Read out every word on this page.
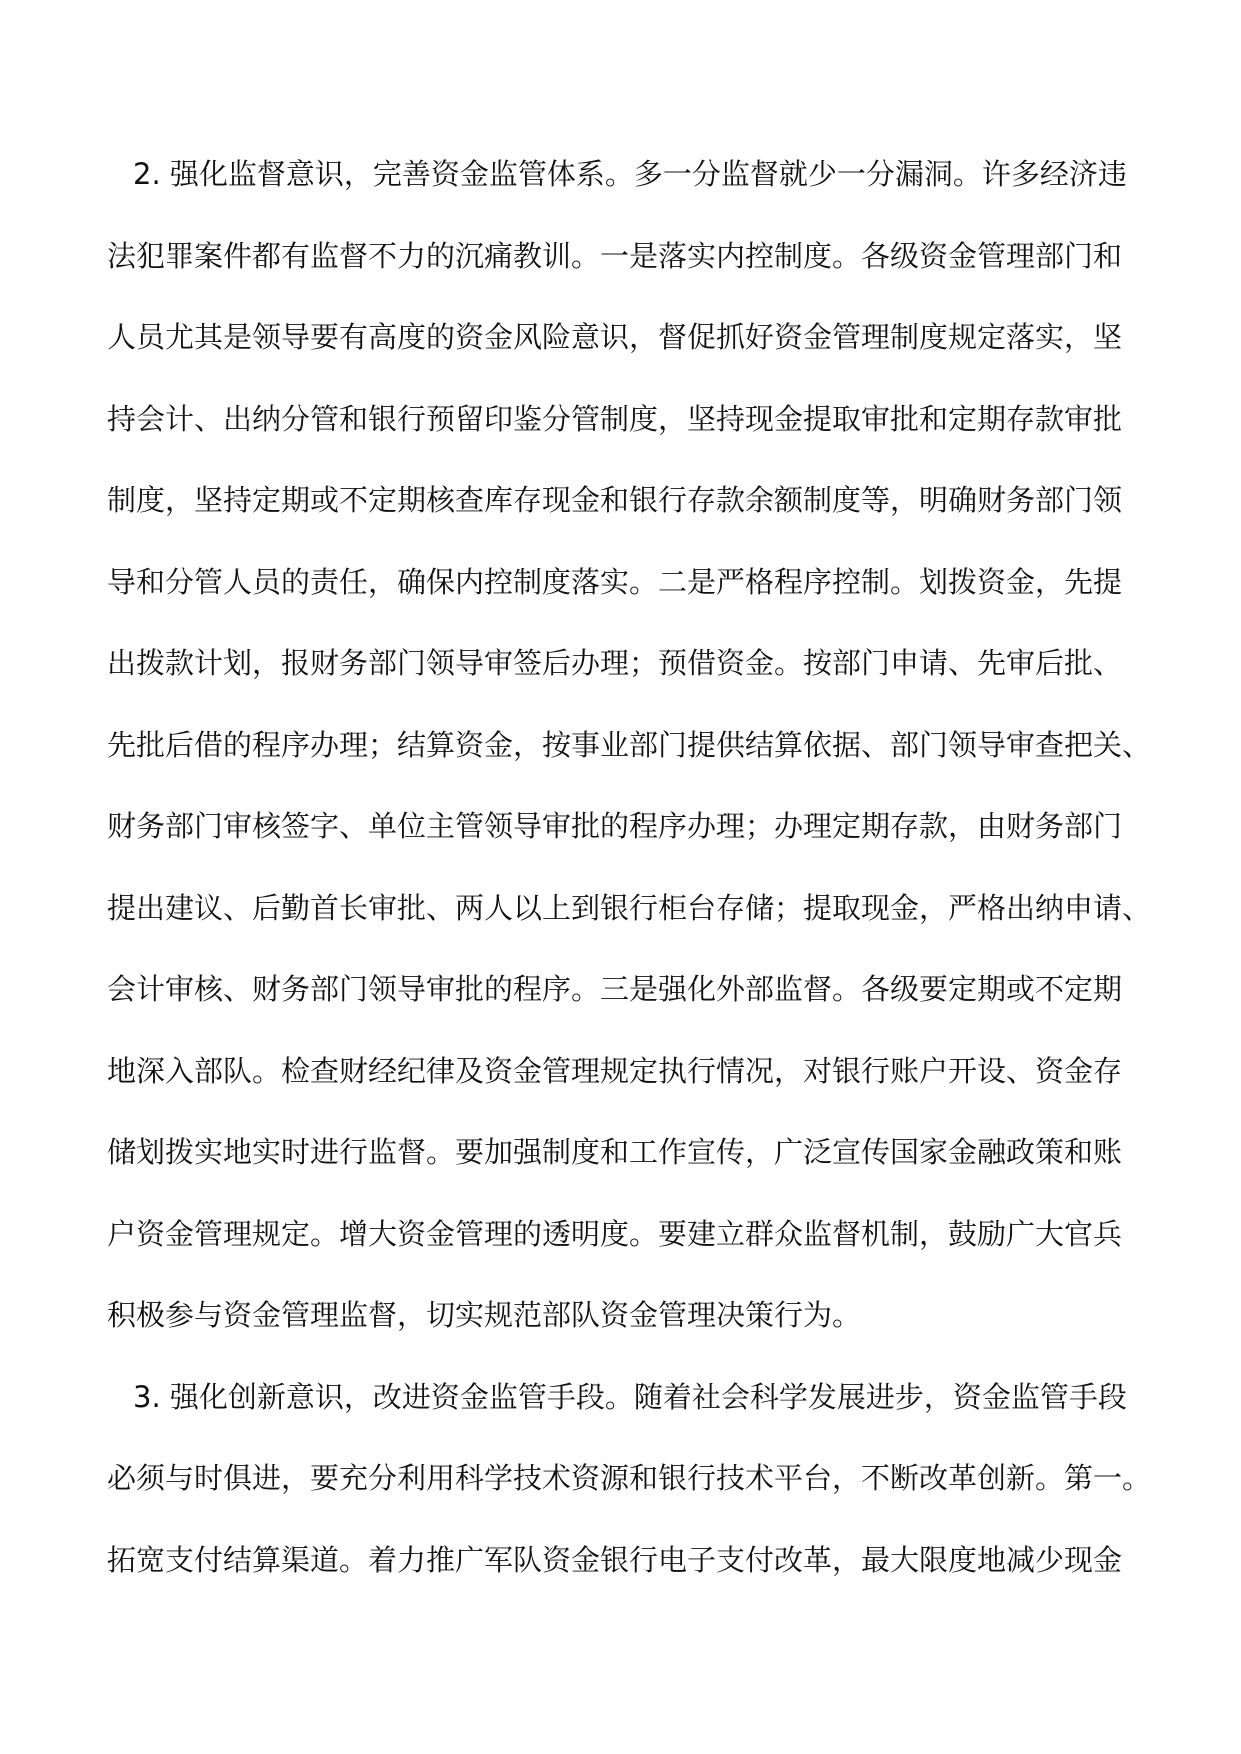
2. 强化监督意识，完善资金监管体系。多一分监督就少一分漏洞。许多经济违
法犯罪案件都有监督不力的沉痛教训。一是落实内控制度。各级资金管理部门和
人员尤其是领导要有高度的资金风险意识，督促抓好资金管理制度规定落实，坚
持会计、出纳分管和银行预留印鉴分管制度，坚持现金提取审批和定期存款审批
制度，坚持定期或不定期核查库存现金和银行存款余额制度等，明确财务部门领
导和分管人员的责任，确保内控制度落实。二是严格程序控制。划拨资金，先提
出拨款计划，报财务部门领导审签后办理；预借资金。按部门申请、先审后批、
先批后借的程序办理；结算资金，按事业部门提供结算依据、部门领导审查把关、
财务部门审核签字、单位主管领导审批的程序办理；办理定期存款，由财务部门
提出建议、后勤首长审批、两人以上到银行柜台存储；提取现金，严格出纳申请、
会计审核、财务部门领导审批的程序。三是强化外部监督。各级要定期或不定期
地深入部队。检查财经纪律及资金管理规定执行情况，对银行账户开设、资金存
储划拨实地实时进行监督。要加强制度和工作宣传，广泛宣传国家金融政策和账
户资金管理规定。增大资金管理的透明度。要建立群众监督机制，鼓励广大官兵
积极参与资金管理监督，切实规范部队资金管理决策行为。
3. 强化创新意识，改进资金监管手段。随着社会科学发展进步，资金监管手段
必须与时俱进，要充分利用科学技术资源和银行技术平台，不断改革创新。第一。
拓宽支付结算渠道。着力推广军队资金银行电子支付改革，最大限度地减少现金
